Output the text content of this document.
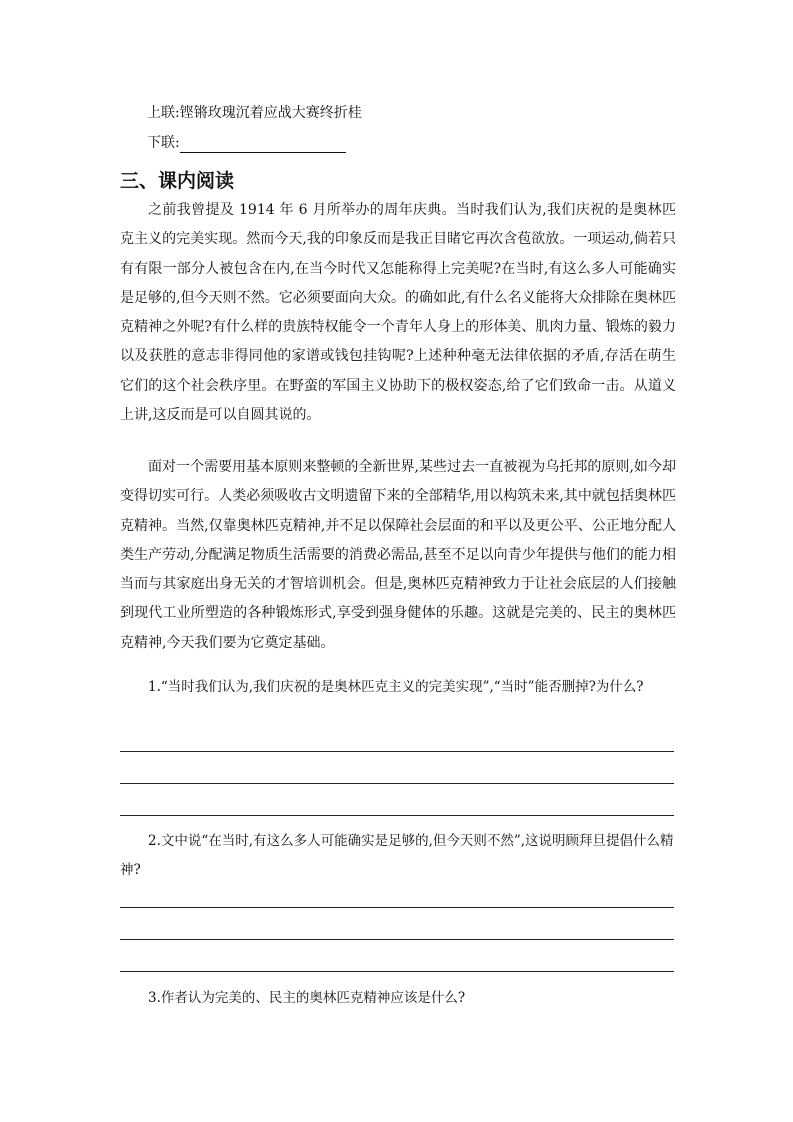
上联:铿锵玫瑰沉着应战大赛终折桂
下联:
三、课内阅读

之前我曾提及 1914 年 6 月所举办的周年庆典。当时我们认为,我们庆祝的是奥林匹克主义的完美实现。然而今天,我的印象反而是我正目睹它再次含苞欲放。一项运动,倘若只有有限一部分人被包含在内,在当今时代又怎能称得上完美呢?在当时,有这么多人可能确实是足够的,但今天则不然。它必须要面向大众。的确如此,有什么名义能将大众排除在奥林匹克精神之外呢?有什么样的贵族特权能令一个青年人身上的形体美、肌肉力量、锻炼的毅力以及获胜的意志非得同他的家谱或钱包挂钩呢?上述种种毫无法律依据的矛盾,存活在萌生它们的这个社会秩序里。在野蛮的军国主义协助下的极权姿态,给了它们致命一击。从道义上讲,这反而是可以自圆其说的。

面对一个需要用基本原则来整顿的全新世界,某些过去一直被视为乌托邦的原则,如今却变得切实可行。人类必须吸收古文明遗留下来的全部精华,用以构筑未来,其中就包括奥林匹克精神。当然,仅靠奥林匹克精神,并不足以保障社会层面的和平以及更公平、公正地分配人类生产劳动,分配满足物质生活需要的消费必需品,甚至不足以向青少年提供与他们的能力相当而与其家庭出身无关的才智培训机会。但是,奥林匹克精神致力于让社会底层的人们接触到现代工业所塑造的各种锻炼形式,享受到强身健体的乐趣。这就是完美的、民主的奥林匹克精神,今天我们要为它奠定基础。

1.“当时我们认为,我们庆祝的是奥林匹克主义的完美实现”,“当时”能否删掉?为什么?

2.文中说“在当时,有这么多人可能确实是足够的,但今天则不然”,这说明顾拜旦提倡什么精神?

3.作者认为完美的、民主的奥林匹克精神应该是什么?
